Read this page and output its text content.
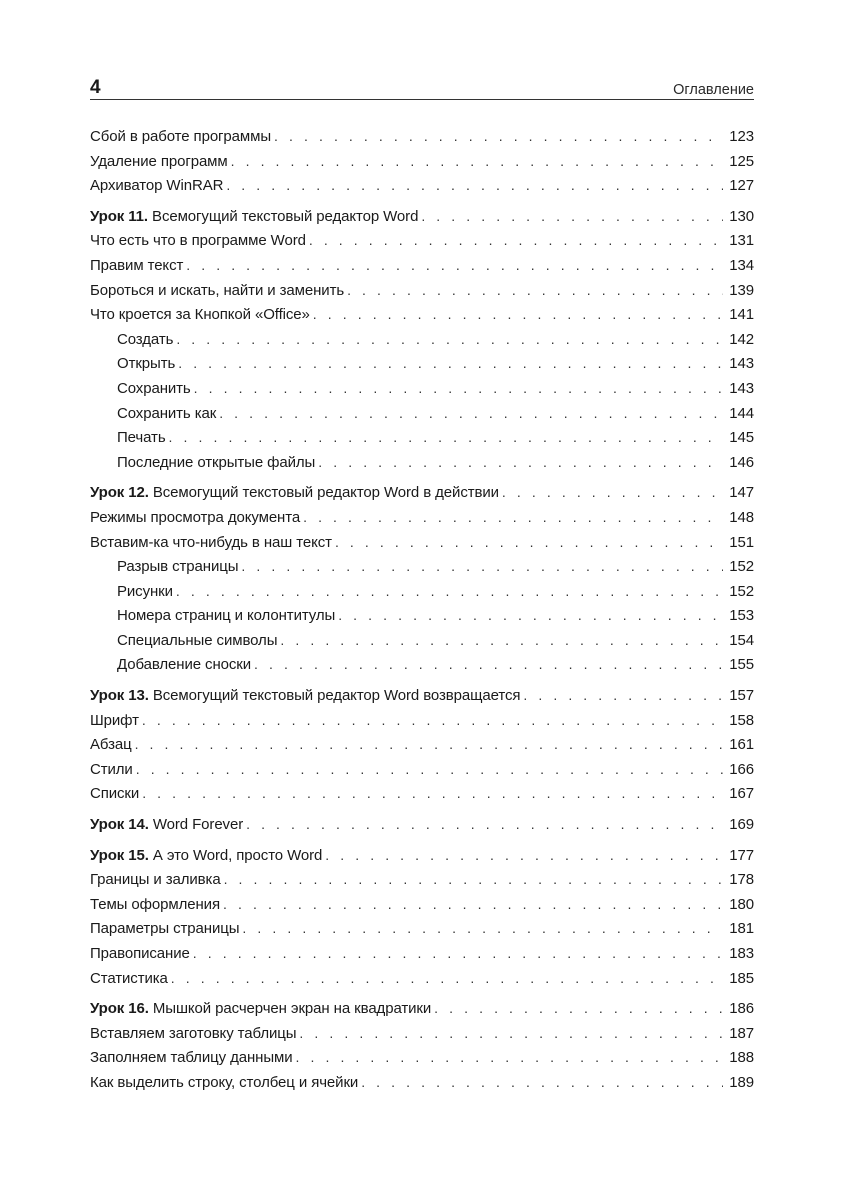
4	Оглавление
Сбой в работе программы . . .	123
Удаление программ . . .	125
Архиватор WinRAR . . .	127
Урок 11. Всемогущий текстовый редактор Word . . .	130
Что есть что в программе Word . . .	131
Правим текст . . .	134
Бороться и искать, найти и заменить . . .	139
Что кроется за Кнопкой «Office» . . .	141
Создать . . .	142
Открыть . . .	143
Сохранить . . .	143
Сохранить как . . .	144
Печать . . .	145
Последние открытые файлы . . .	146
Урок 12. Всемогущий текстовый редактор Word в действии . . .	147
Режимы просмотра документа . . .	148
Вставим-ка что-нибудь в наш текст . . .	151
Разрыв страницы . . .	152
Рисунки . . .	152
Номера страниц и колонтитулы . . .	153
Специальные символы . . .	154
Добавление сноски . . .	155
Урок 13. Всемогущий текстовый редактор Word возвращается . . .	157
Шрифт . . .	158
Абзац . . .	161
Стили . . .	166
Списки . . .	167
Урок 14. Word Forever . . .	169
Урок 15. А это Word, просто Word . . .	177
Границы и заливка . . .	178
Темы оформления . . .	180
Параметры страницы . . .	181
Правописание . . .	183
Статистика . . .	185
Урок 16. Мышкой расчерчен экран на квадратики . . .	186
Вставляем заготовку таблицы . . .	187
Заполняем таблицу данными . . .	188
Как выделить строку, столбец и ячейки . . .	189
